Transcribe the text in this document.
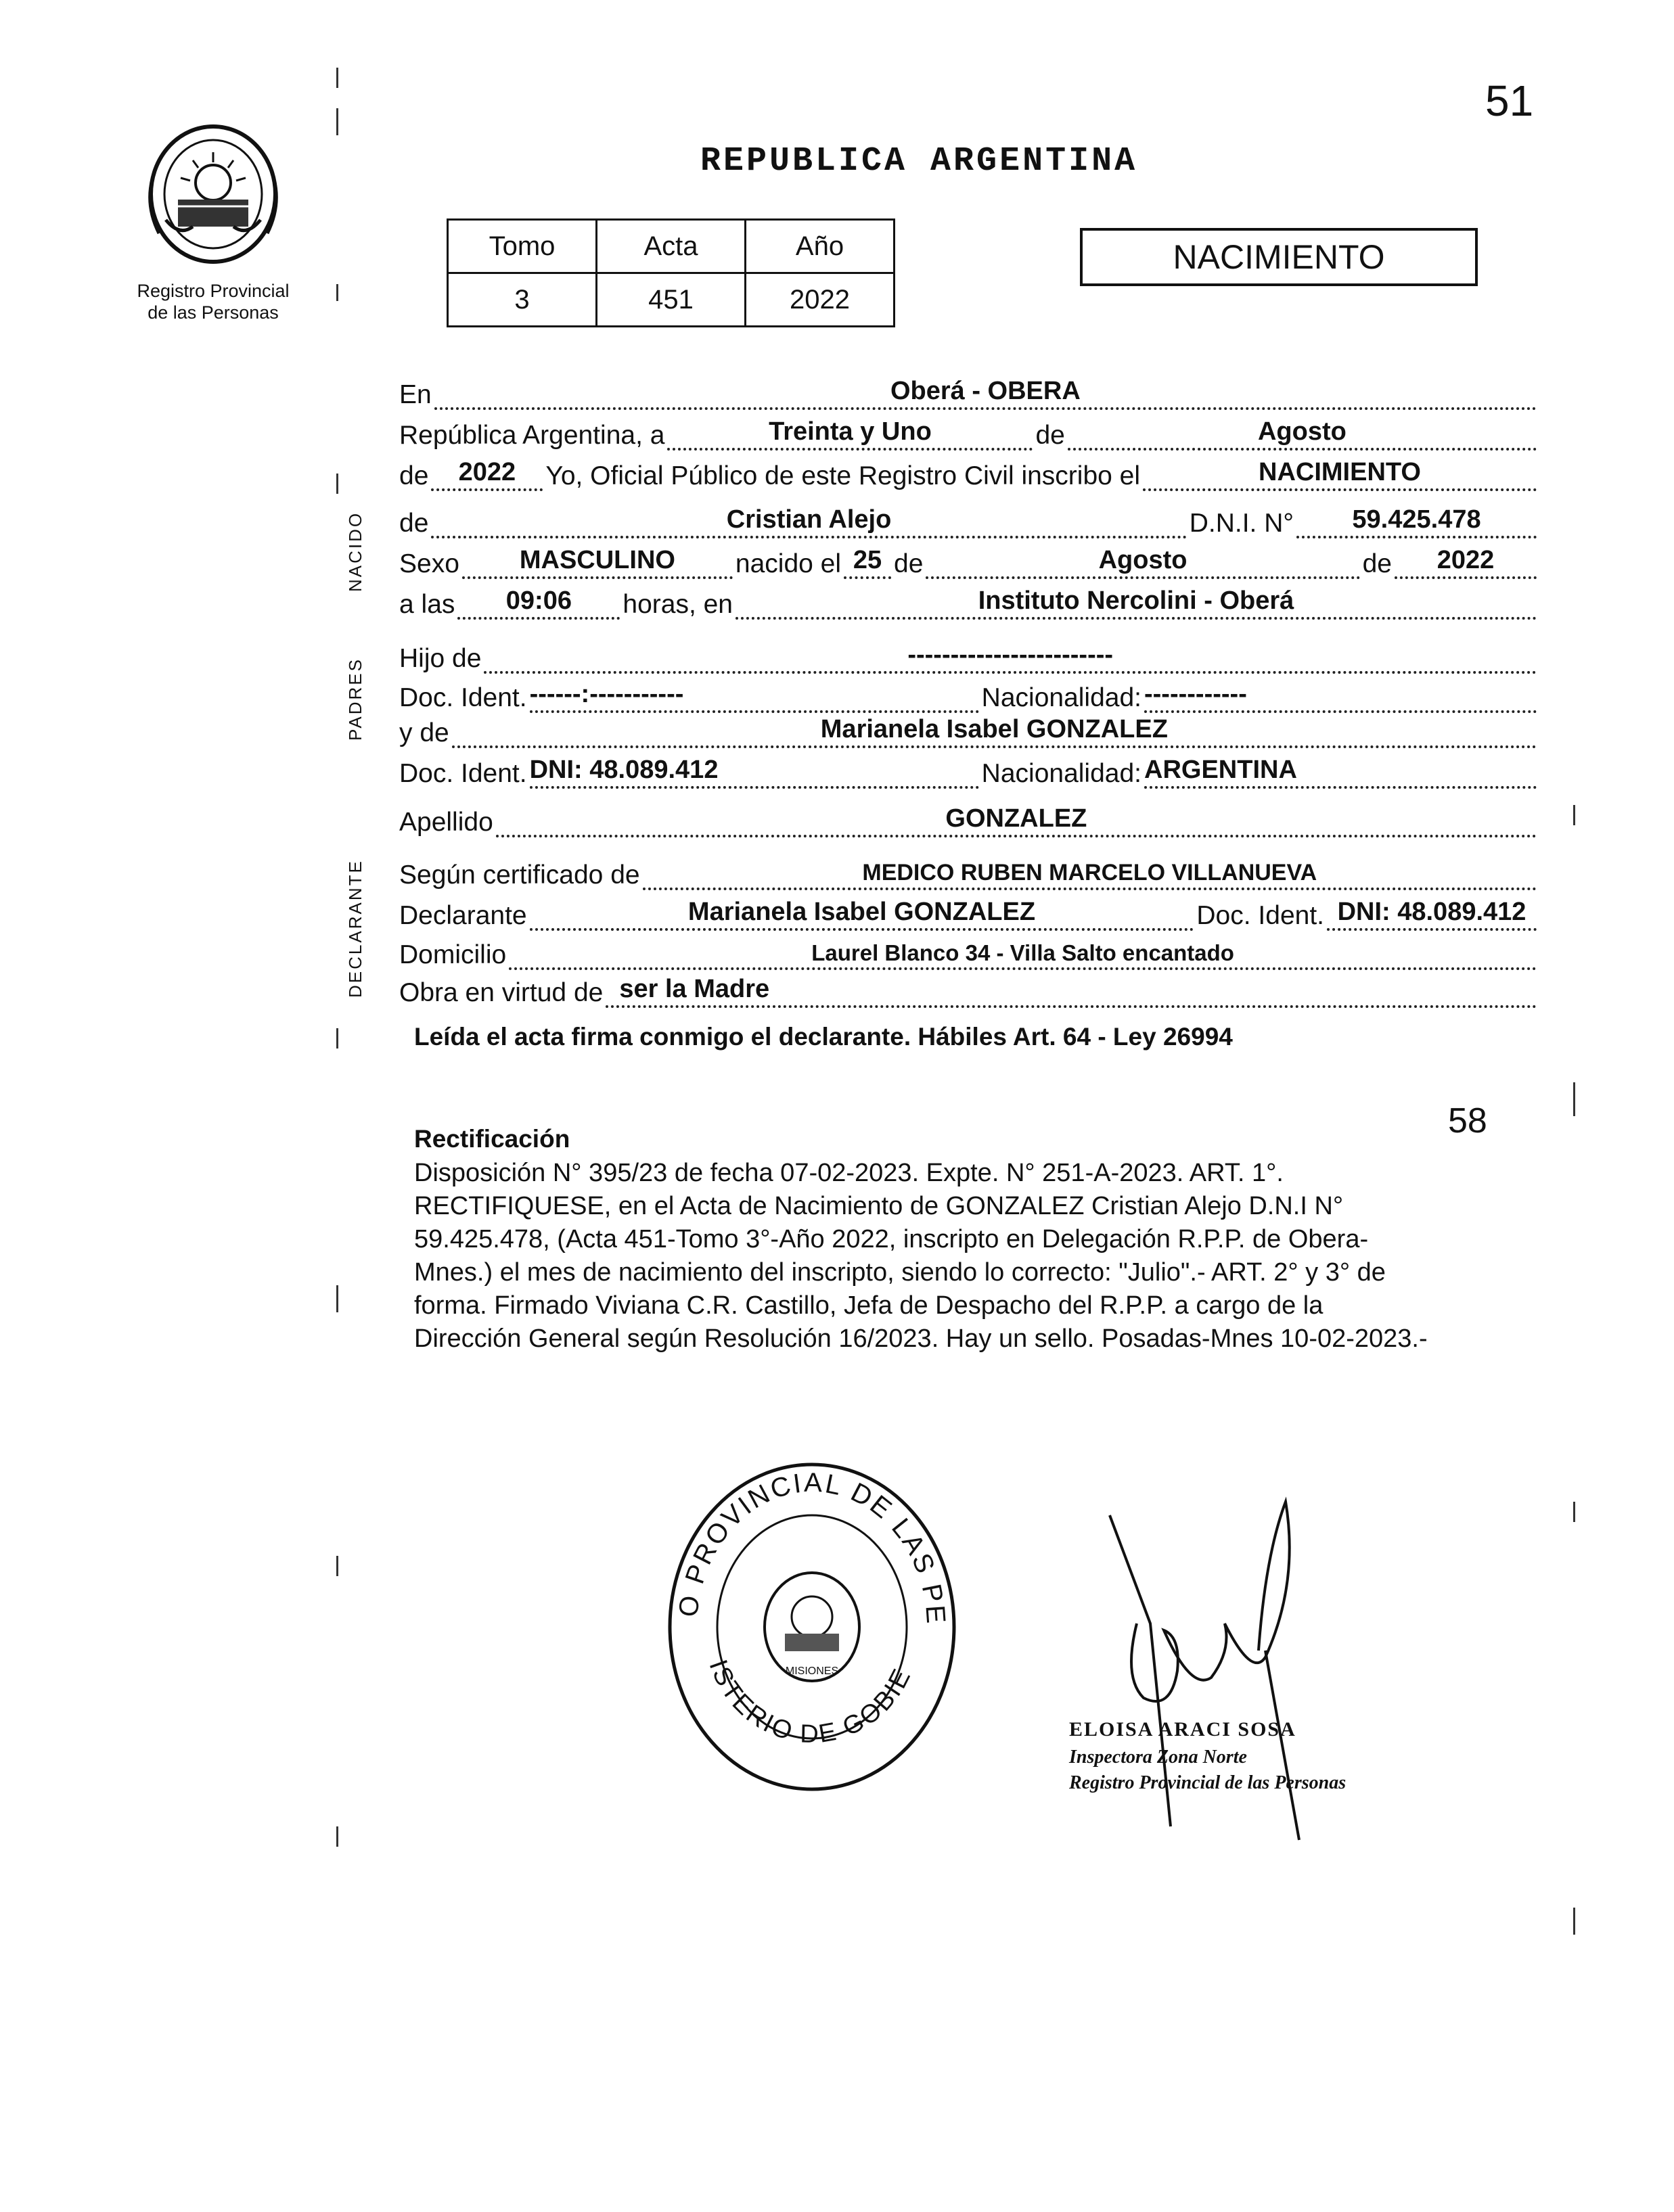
51
Registro Provincial
de las Personas
REPUBLICA ARGENTINA
Tomo	Acta	Año
3	451	2022
NACIMIENTO
NACIDO
PADRES
DECLARANTE
En	Oberá - OBERA
República Argentina, a	Treinta y Uno	de	Agosto
de	2022	Yo, Oficial Público de este Registro Civil inscribo el	NACIMIENTO
de	Cristian Alejo	D.N.I. N°	59.425.478
Sexo	MASCULINO	nacido el 25 de	Agosto	de	2022
a las	09:06	horas, en	Instituto Nercolini - Oberá
Hijo de	------------------------
Doc. Ident. ------:-----------	Nacionalidad: ------------
y de	Marianela Isabel GONZALEZ
Doc. Ident. DNI: 48.089.412	Nacionalidad: ARGENTINA
Apellido	GONZALEZ
Según certificado de	MEDICO RUBEN MARCELO VILLANUEVA
Declarante	Marianela Isabel GONZALEZ	Doc. Ident. DNI: 48.089.412
Domicilio	Laurel Blanco 34 - Villa Salto encantado
Obra en virtud de ser la Madre
Leída el acta firma conmigo el declarante. Hábiles Art. 64 - Ley 26994
58
Rectificación

Disposición N° 395/23 de fecha 07-02-2023. Expte. N° 251-A-2023. ART. 1°.

RECTIFIQUESE, en el Acta de Nacimiento de GONZALEZ Cristian Alejo D.N.I N°

59.425.478, (Acta 451-Tomo 3°-Año 2022, inscripto en Delegación R.P.P. de Obera-

Mnes.) el mes de nacimiento del inscripto, siendo lo correcto: "Julio".- ART. 2° y 3° de

forma. Firmado Viviana C.R. Castillo, Jefa de Despacho del R.P.P. a cargo de la

Dirección General según Resolución 16/2023. Hay un sello. Posadas-Mnes 10-02-2023.-

O PROVINCIAL DE LAS PE
ISTERIO DE GOBIE
MISIONES
ELOISA ARACI SOSA
Inspectora Zona Norte
Registro Provincial de las Personas
